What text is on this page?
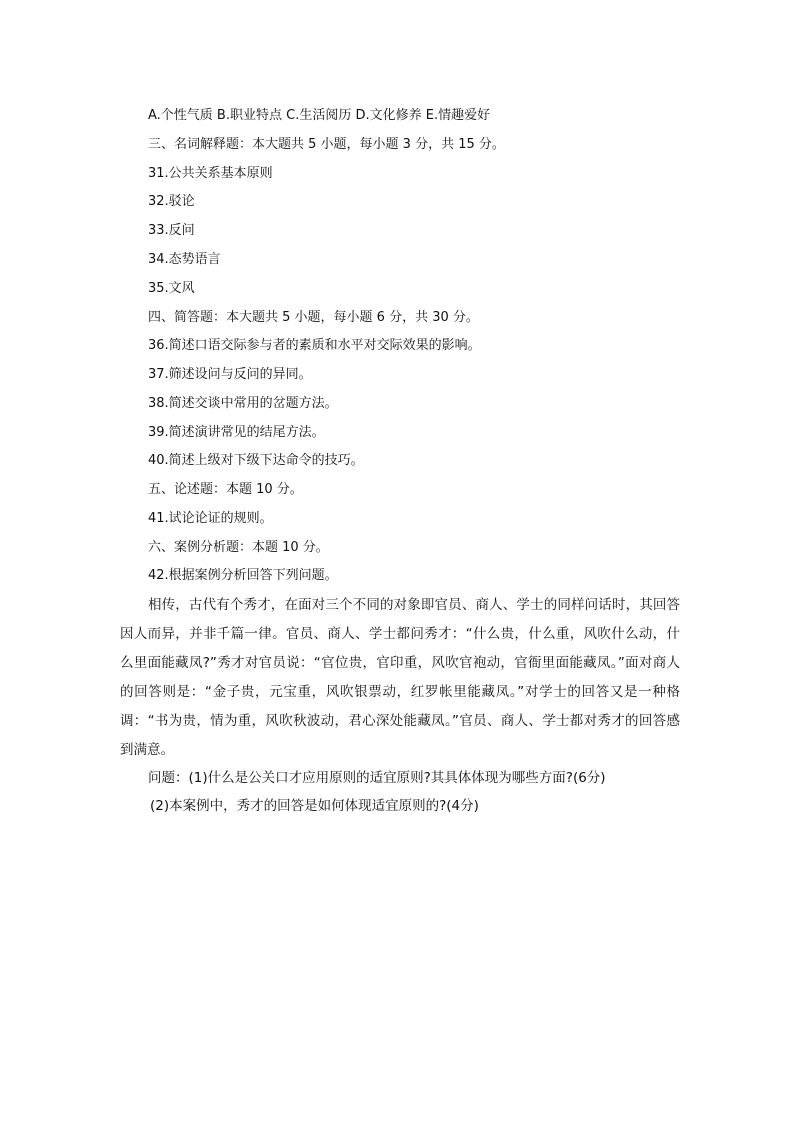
A.个性气质 B.职业特点 C.生活阅历 D.文化修养 E.情趣爱好
三、名词解释题：本大题共 5 小题，每小题 3 分，共 15 分。
31.公共关系基本原则
32.驳论
33.反问
34.态势语言
35.文风
四、简答题：本大题共 5 小题，每小题 6 分，共 30 分。
36.简述口语交际参与者的素质和水平对交际效果的影响。
37.筛述设问与反问的异同。
38.简述交谈中常用的岔题方法。
39.简述演讲常见的结尾方法。
40.简述上级对下级下达命令的技巧。
五、论述题：本题 10 分。
41.试论论证的规则。
六、案例分析题：本题 10 分。
42.根据案例分析回答下列问题。

相传，古代有个秀才，在面对三个不同的对象即官员、商人、学士的同样问话时，其回答因人而异，并非千篇一律。官员、商人、学士都问秀才：“什么贵，什么重，风吹什么动，什么里面能藏凤?”秀才对官员说：“官位贵，官印重，风吹官袍动，官衙里面能藏凤。”面对商人的回答则是：“金子贵，元宝重，风吹银票动，红罗帐里能藏凤。”对学士的回答又是一种格调：“书为贵，情为重，风吹秋波动，君心深处能藏凤。”官员、商人、学士都对秀才的回答感到满意。

问题：(1)什么是公关口才应用原则的适宜原则?其具体体现为哪些方面?(6分)
(2)本案例中，秀才的回答是如何体现适宜原则的?(4分)
